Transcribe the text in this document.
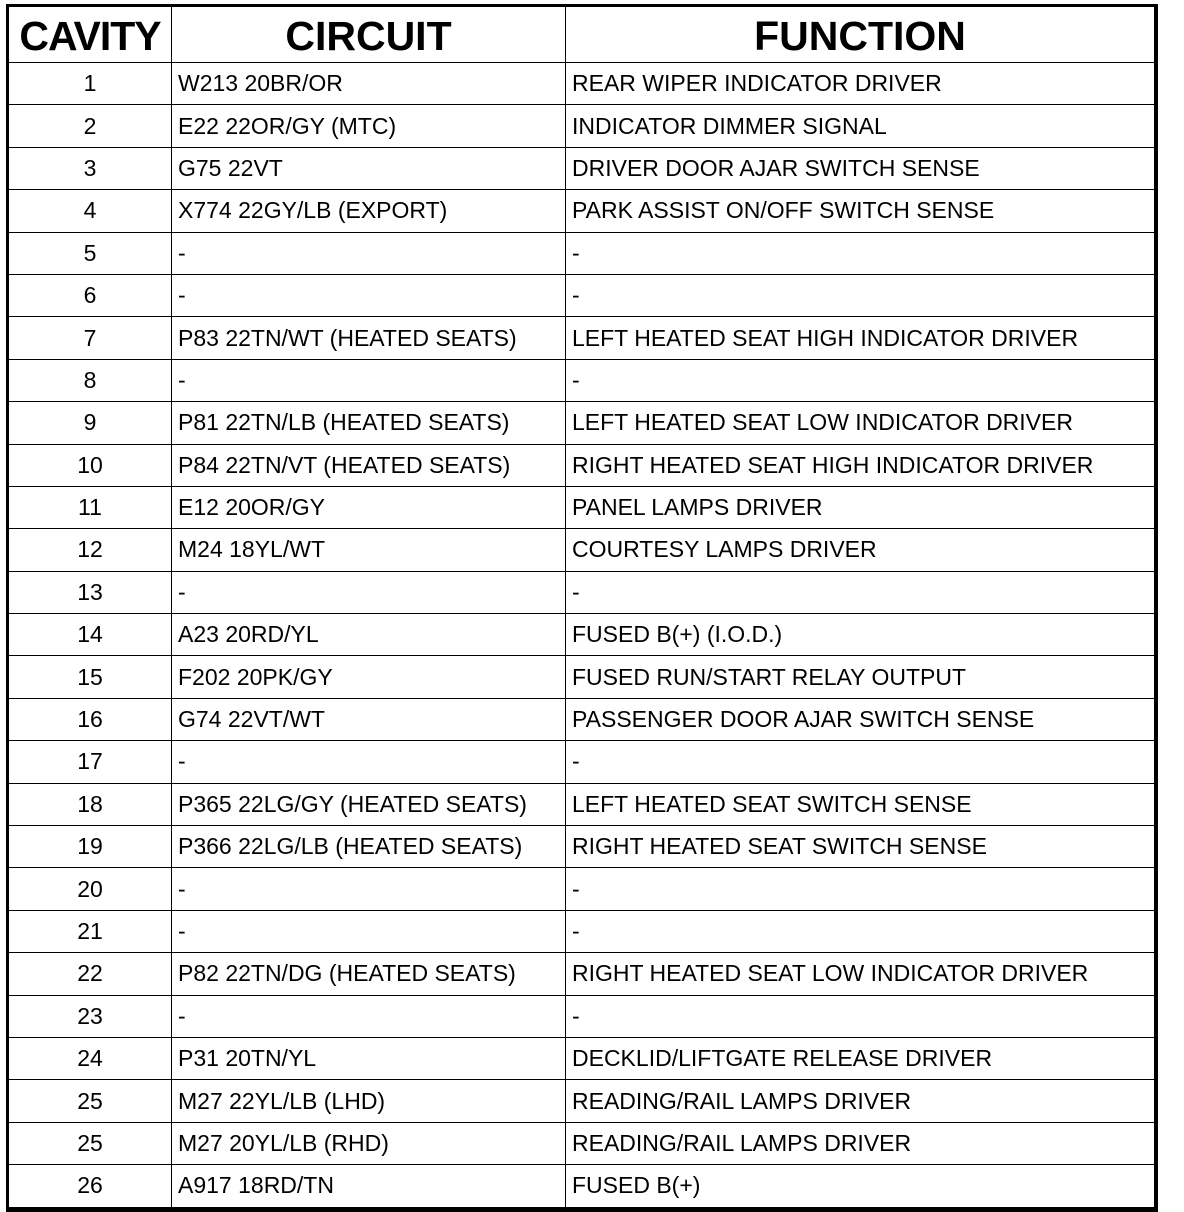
CAVITY	CIRCUIT	FUNCTION
1	W213 20BR/OR	REAR WIPER INDICATOR DRIVER
2	E22 22OR/GY (MTC)	INDICATOR DIMMER SIGNAL
3	G75 22VT	DRIVER DOOR AJAR SWITCH SENSE
4	X774 22GY/LB (EXPORT)	PARK ASSIST ON/OFF SWITCH SENSE
5	-	-
6	-	-
7	P83 22TN/WT (HEATED SEATS)	LEFT HEATED SEAT HIGH INDICATOR DRIVER
8	-	-
9	P81 22TN/LB (HEATED SEATS)	LEFT HEATED SEAT LOW INDICATOR DRIVER
10	P84 22TN/VT (HEATED SEATS)	RIGHT HEATED SEAT HIGH INDICATOR DRIVER
11	E12 20OR/GY	PANEL LAMPS DRIVER
12	M24 18YL/WT	COURTESY LAMPS DRIVER
13	-	-
14	A23 20RD/YL	FUSED B(+) (I.O.D.)
15	F202 20PK/GY	FUSED RUN/START RELAY OUTPUT
16	G74 22VT/WT	PASSENGER DOOR AJAR SWITCH SENSE
17	-	-
18	P365 22LG/GY (HEATED SEATS)	LEFT HEATED SEAT SWITCH SENSE
19	P366 22LG/LB (HEATED SEATS)	RIGHT HEATED SEAT SWITCH SENSE
20	-	-
21	-	-
22	P82 22TN/DG (HEATED SEATS)	RIGHT HEATED SEAT LOW INDICATOR DRIVER
23	-	-
24	P31 20TN/YL	DECKLID/LIFTGATE RELEASE DRIVER
25	M27 22YL/LB (LHD)	READING/RAIL LAMPS DRIVER
25	M27 20YL/LB (RHD)	READING/RAIL LAMPS DRIVER
26	A917 18RD/TN	FUSED B(+)
